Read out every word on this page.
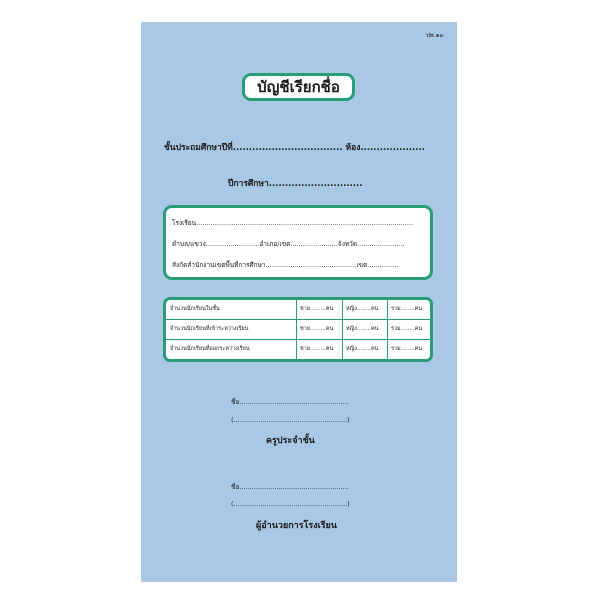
ปพ.๑๓
บัญชีเรียกชื่อ
ชั้นประถมศึกษาปีที่.................................. ห้อง....................
ปีการศึกษา.............................
โรงเรียน.........................................................................................................
ตำบล/แขวง..........................อำเภอ/เขต.......................จังหวัด.......................
สังกัดสำนักงานเขตพื้นที่การศึกษา............................................เขต...............
จำนวนนักเรียนในชั้น	ชาย.........คน หญิง........คน รวม........คน
จำนวนนักเรียนที่เข้าระหว่างเรียน	ชาย.........คน หญิง........คน รวม........คน
จำนวนนักเรียนที่ออกระหว่างเรียน	ชาย.........คน หญิง........คน รวม........คน
ชื่อ.....................................................
(.......................................................)
ครูประจำชั้น
ชื่อ.....................................................
(.......................................................)
ผู้อำนวยการโรงเรียน
